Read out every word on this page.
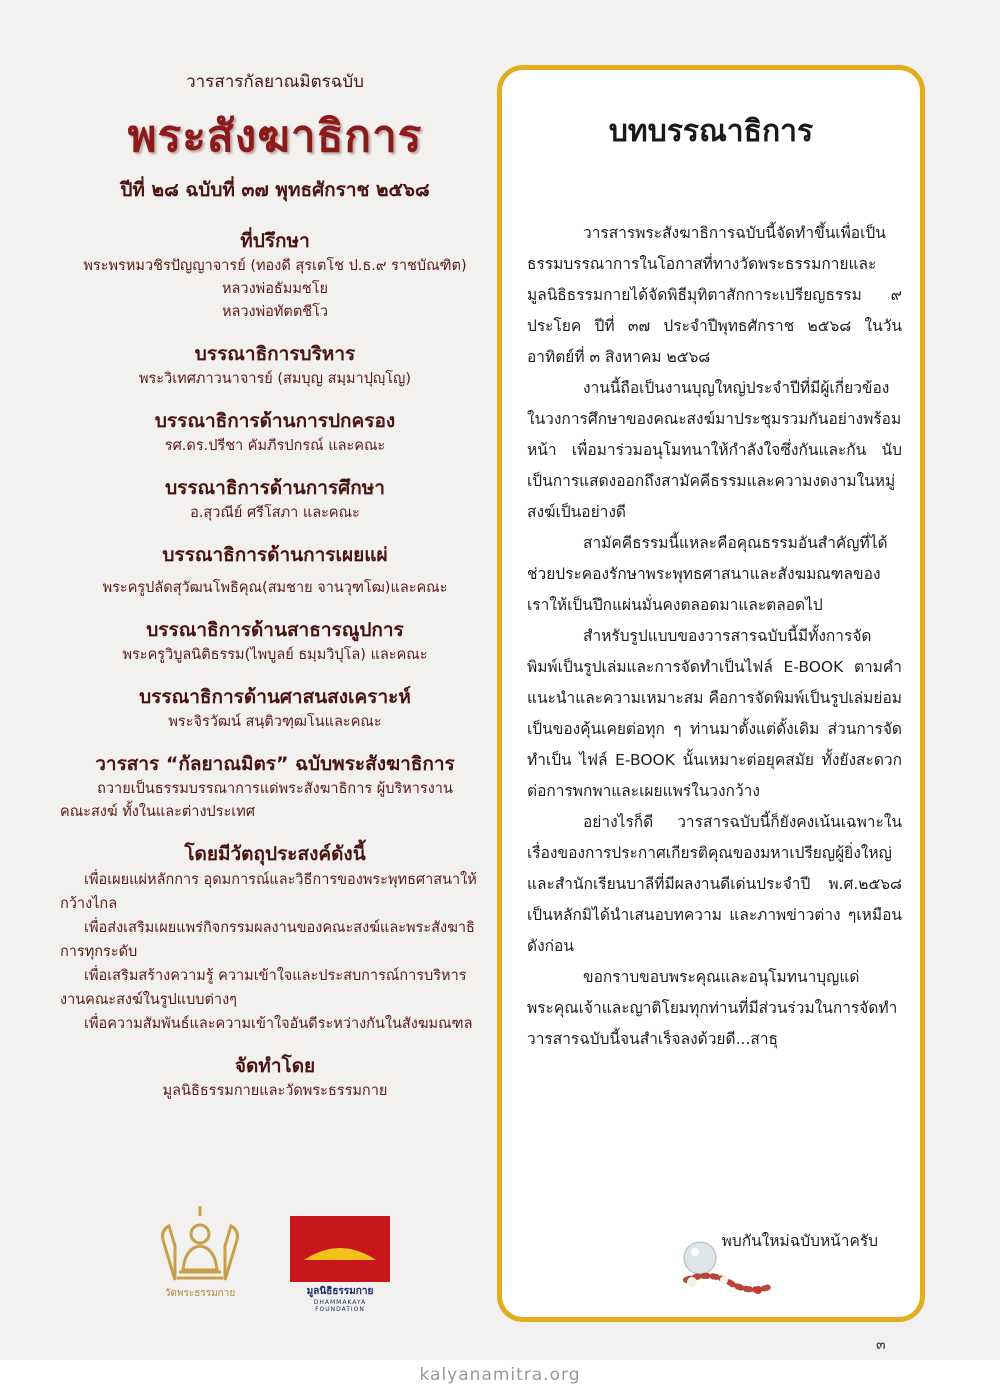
วารสารกัลยาณมิตรฉบับ
พระสังฆาธิการ
ปีที่ ๒๘ ฉบับที่ ๓๗ พุทธศักราช ๒๕๖๘
ที่ปรึกษา
พระพรหมวชิรปัญญาจารย์ (ทองดี สุรเตโช ป.ธ.๙ ราชบัณฑิต)
หลวงพ่อธัมมชโย
หลวงพ่อทัตตชีโว
บรรณาธิการบริหาร
พระวิเทศภาวนาจารย์ (สมบุญ สมฺมาปุญฺโญ)
บรรณาธิการด้านการปกครอง
รศ.ดร.ปรีชา คัมภีรปกรณ์ และคณะ
บรรณาธิการด้านการศึกษา
อ.สุวณีย์ ศรีโสภา และคณะ
บรรณาธิการด้านการเผยแผ่
พระครูปลัดสุวัฒนโพธิคุณ(สมชาย จานวุฑโฒ)และคณะ
บรรณาธิการด้านสาธารณูปการ
พระครูวิบูลนิติธรรม(ไพบูลย์ ธมฺมวิปุโล) และคณะ
บรรณาธิการด้านศาสนสงเคราะห์
พระจิรวัฒน์ สนฺติวฑฺฒโนและคณะ
วารสาร “กัลยาณมิตร” ฉบับพระสังฆาธิการ
ถวายเป็นธรรมบรรณาการแด่พระสังฆาธิการ ผู้บริหารงาน
คณะสงฆ์ ทั้งในและต่างประเทศ
โดยมีวัตถุประสงค์ดังนี้
เพื่อเผยแผ่หลักการ อุดมการณ์และวิธีการของพระพุทธศาสนาให้กว้างไกล
เพื่อส่งเสริมเผยแพร่กิจกรรมผลงานของคณะสงฆ์และพระสังฆาธิการทุกระดับ
เพื่อเสริมสร้างความรู้ ความเข้าใจและประสบการณ์การบริหารงานคณะสงฆ์ในรูปแบบต่างๆ
เพื่อความสัมพันธ์และความเข้าใจอันดีระหว่างกันในสังฆมณฑล
จัดทำโดย
มูลนิธิธรรมกายและวัดพระธรรมกาย
วัดพระธรรมกาย	มูลนิธิธรรมกาย
DHAMMAKAYA FOUNDATION
บทบรรณาธิการ

วารสารพระสังฆาธิการฉบับนี้จัดทำขึ้นเพื่อเป็นธรรมบรรณาการในโอกาสที่ทางวัดพระธรรมกายและมูลนิธิธรรมกายได้จัดพิธีมุทิตาสักการะเปรียญธรรม ๙ ประโยค ปีที่ ๓๗ ประจำปีพุทธศักราช ๒๕๖๘ ในวันอาทิตย์ที่ ๓ สิงหาคม ๒๕๖๘

งานนี้ถือเป็นงานบุญใหญ่ประจำปีที่มีผู้เกี่ยวข้องในวงการศึกษาของคณะสงฆ์มาประชุมรวมกันอย่างพร้อมหน้า เพื่อมาร่วมอนุโมทนาให้กำลังใจซึ่งกันและกัน นับเป็นการแสดงออกถึงสามัคคีธรรมและความงดงามในหมู่สงฆ์เป็นอย่างดี

สามัคคีธรรมนี้แหละคือคุณธรรมอันสำคัญที่ได้ช่วยประคองรักษาพระพุทธศาสนาและสังฆมณฑลของเราให้เป็นปึกแผ่นมั่นคงตลอดมาและตลอดไป

สำหรับรูปแบบของวารสารฉบับนี้มีทั้งการจัดพิมพ์เป็นรูปเล่มและการจัดทำเป็นไฟล์ E-BOOK ตามคำแนะนำและความเหมาะสม คือการจัดพิมพ์เป็นรูปเล่มย่อมเป็นของคุ้นเคยต่อทุก ๆ ท่านมาตั้งแต่ดั้งเดิม ส่วนการจัดทำเป็น ไฟล์ E-BOOK นั้นเหมาะต่อยุคสมัย ทั้งยังสะดวกต่อการพกพาและเผยแพร่ในวงกว้าง

อย่างไรก็ดี วารสารฉบับนี้ก็ยังคงเน้นเฉพาะในเรื่องของการประกาศเกียรติคุณของมหาเปรียญผู้ยิ่งใหญ่และสำนักเรียนบาลีที่มีผลงานดีเด่นประจำปี พ.ศ.๒๕๖๘ เป็นหลักมิได้นำเสนอบทความ และภาพข่าวต่าง ๆเหมือนดังก่อน

ขอกราบขอบพระคุณและอนุโมทนาบุญแด่พระคุณเจ้าและญาติโยมทุกท่านที่มีส่วนร่วมในการจัดทำวารสารฉบับนี้จนสำเร็จลงด้วยดี...สาธุ

พบกันใหม่ฉบับหน้าครับ
๓
kalyanamitra.org
